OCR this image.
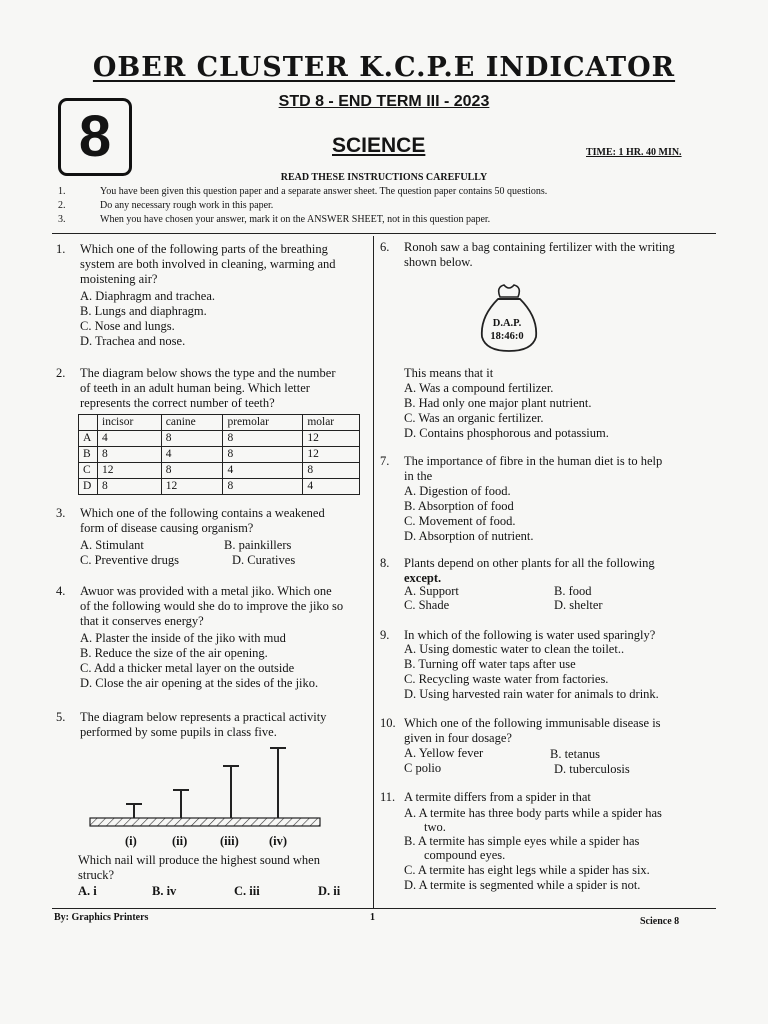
OBER CLUSTER K.C.P.E INDICATOR
STD 8 - END TERM III - 2023
8	SCIENCE	TIME: 1 HR. 40 MIN.
READ THESE INSTRUCTIONS CAREFULLY
1.	You have been given this question paper and a separate answer sheet. The question paper contains 50 questions.
2.	Do any necessary rough work in this paper.
3.	When you have chosen your answer, mark it on the ANSWER SHEET, not in this question paper.
1. Which one of the following parts of the breathing
system are both involved in cleaning, warming and
moistening air?
A. Diaphragm and trachea.
B. Lungs and diaphragm.
C. Nose and lungs.
D. Trachea and nose.
2. The diagram below shows the type and the number
of teeth in an adult human being. Which letter
represents the correct number of teeth?
	incisor	canine	premolar	molar
A	4	8	8	12
B	8	4	8	12
C	12	8	4	8
D	8	12	8	4
3. Which one of the following contains a weakened
form of disease causing organism?
A. Stimulant	B. painkillers
C. Preventive drugs	D. Curatives
4. Awuor was provided with a metal jiko. Which one
of the following would she do to improve the jiko so
that it conserves energy?
A. Plaster the inside of the jiko with mud
B. Reduce the size of the air opening.
C. Add a thicker metal layer on the outside
D. Close the air opening at the sides of the jiko.
5. The diagram below represents a practical activity
performed by some pupils in class five.
(i)	(ii)	(iii) (iv)
Which nail will produce the highest sound when
struck?
A. i	B. iv	C. iii	D. ii
6. Ronoh saw a bag containing fertilizer with the writing
shown below.
This means that it
A. Was a compound fertilizer.
B. Had only one major plant nutrient.
C. Was an organic fertilizer.
D. Contains phosphorous and potassium.
D.A.P.
18:46:0
7. The importance of fibre in the human diet is to help
in the
A. Digestion of food.
B. Absorption of food
C. Movement of food.
D. Absorption of nutrient.
8. Plants depend on other plants for all the following
except.
A. Support	B. food
C. Shade	D. shelter
9. In which of the following is water used sparingly?
A. Using domestic water to clean the toilet..
B. Turning off water taps after use
C. Recycling waste water from factories.
D. Using harvested rain water for animals to drink.
10. Which one of the following immunisable disease is
given in four dosage?
A. Yellow fever	B. tetanus
C polio	D. tuberculosis
11. A termite differs from a spider in that
A. A termite has three body parts while a spider has
two.
B. A termite has simple eyes while a spider has
compound eyes.
C. A termite has eight legs while a spider has six.
D. A termite is segmented while a spider is not.
By: Graphics Printers	1	Science 8
